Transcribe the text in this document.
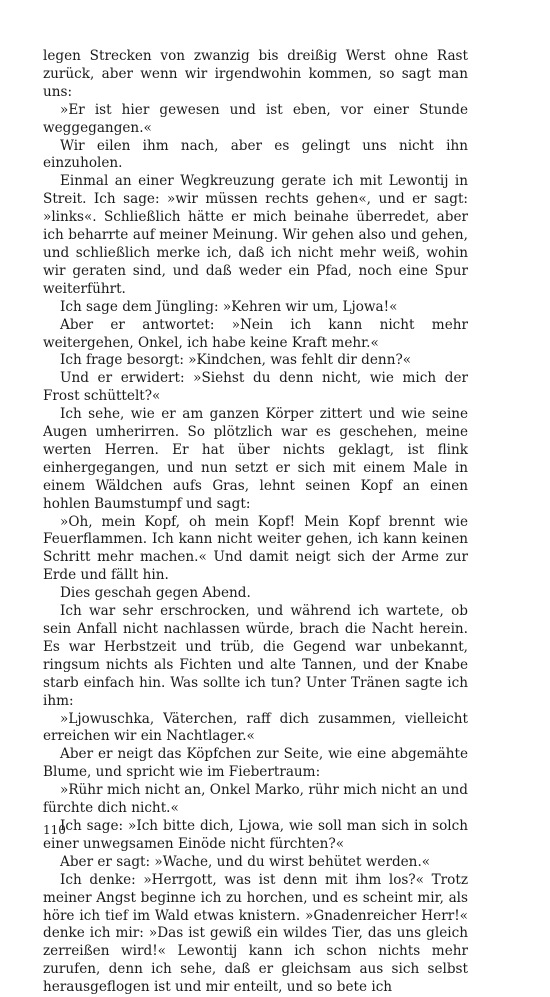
legen Strecken von zwanzig bis dreißig Werst ohne Rast zurück, aber wenn wir irgendwohin kommen, so sagt man uns:

»Er ist hier gewesen und ist eben, vor einer Stunde weggegangen.«

Wir eilen ihm nach, aber es gelingt uns nicht ihn einzuholen.

Einmal an einer Wegkreuzung gerate ich mit Lewontij in Streit. Ich sage: »wir müssen rechts gehen«, und er sagt: »links«. Schließlich hätte er mich beinahe überredet, aber ich beharrte auf meiner Meinung. Wir gehen also und gehen, und schließlich merke ich, daß ich nicht mehr weiß, wohin wir geraten sind, und daß weder ein Pfad, noch eine Spur weiterführt.

Ich sage dem Jüngling: »Kehren wir um, Ljowa!«

Aber er antwortet: »Nein ich kann nicht mehr weitergehen, Onkel, ich habe keine Kraft mehr.«

Ich frage besorgt: »Kindchen, was fehlt dir denn?«

Und er erwidert: »Siehst du denn nicht, wie mich der Frost schüttelt?«

Ich sehe, wie er am ganzen Körper zittert und wie seine Augen umherirren. So plötzlich war es geschehen, meine werten Herren. Er hat über nichts geklagt, ist flink einhergegangen, und nun setzt er sich mit einem Male in einem Wäldchen aufs Gras, lehnt seinen Kopf an einen hohlen Baumstumpf und sagt:

»Oh, mein Kopf, oh mein Kopf! Mein Kopf brennt wie Feuerflammen. Ich kann nicht weiter gehen, ich kann keinen Schritt mehr machen.« Und damit neigt sich der Arme zur Erde und fällt hin.

Dies geschah gegen Abend.

Ich war sehr erschrocken, und während ich wartete, ob sein Anfall nicht nachlassen würde, brach die Nacht herein. Es war Herbstzeit und trüb, die Gegend war unbekannt, ringsum nichts als Fichten und alte Tannen, und der Knabe starb einfach hin. Was sollte ich tun? Unter Tränen sagte ich ihm:

»Ljowuschka, Väterchen, raff dich zusammen, vielleicht erreichen wir ein Nachtlager.«

Aber er neigt das Köpfchen zur Seite, wie eine abgemähte Blume, und spricht wie im Fiebertraum:

»Rühr mich nicht an, Onkel Marko, rühr mich nicht an und fürchte dich nicht.«

Ich sage: »Ich bitte dich, Ljowa, wie soll man sich in solch einer unwegsamen Einöde nicht fürchten?«

Aber er sagt: »Wache, und du wirst behütet werden.«

Ich denke: »Herrgott, was ist denn mit ihm los?« Trotz meiner Angst beginne ich zu horchen, und es scheint mir, als höre ich tief im Wald etwas knistern. »Gnadenreicher Herr!« denke ich mir: »Das ist gewiß ein wildes Tier, das uns gleich zerreißen wird!« Lewontij kann ich schon nichts mehr zurufen, denn ich sehe, daß er gleichsam aus sich selbst herausgeflogen ist und mir enteilt, und so bete ich

110
